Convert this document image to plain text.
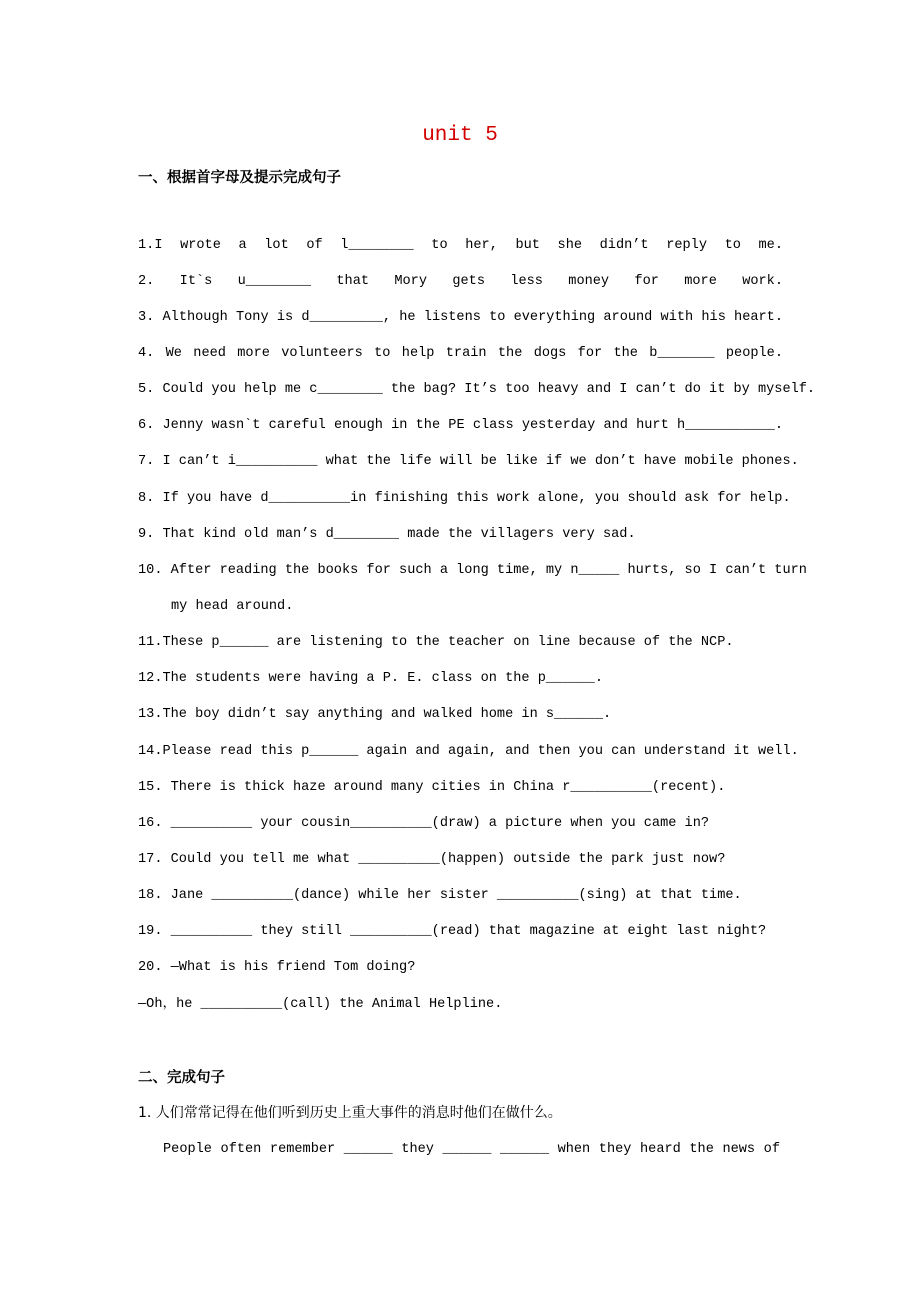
unit 5
一、根据首字母及提示完成句子
1.I wrote a lot of l________ to her, but she didn’t reply to me.
2. It`s u________ that Mory gets less money for more work.
3. Although Tony is d_________, he listens to everything around with his heart.
4. We need more volunteers to help train the dogs for the b_______ people.
5. Could you help me c________ the bag? It’s too heavy and I can’t do it by myself.
6. Jenny wasn`t careful enough in the PE class yesterday and hurt h___________.
7. I can’t i__________ what the life will be like if we don’t have mobile phones.
8. If you have d__________in finishing this work alone, you should ask for help.
9. That kind old man’s d________ made the villagers very sad.
10. After reading the books for such a long time, my n_____ hurts, so I can’t turn
my head around.
11.These p______ are listening to the teacher on line because of the NCP.
12.The students were having a P. E. class on the p______.
13.The boy didn’t say anything and walked home in s______.
14.Please read this p______ again and again, and then you can understand it well.
15. There is thick haze around many cities in China r__________(recent).
16. __________ your cousin__________(draw) a picture when you came in?
17. Could you tell me what __________(happen) outside the park just now?
18. Jane __________(dance) while her sister __________(sing) at that time.
19. __________ they still __________(read) that magazine at eight last night?
20. —What is his friend Tom doing?
—Oh，he __________(call) the Animal Helpline.
二、完成句子
1. 人们常常记得在他们听到历史上重大事件的消息时他们在做什么。
People often remember ______ they ______ ______ when they heard the news of
